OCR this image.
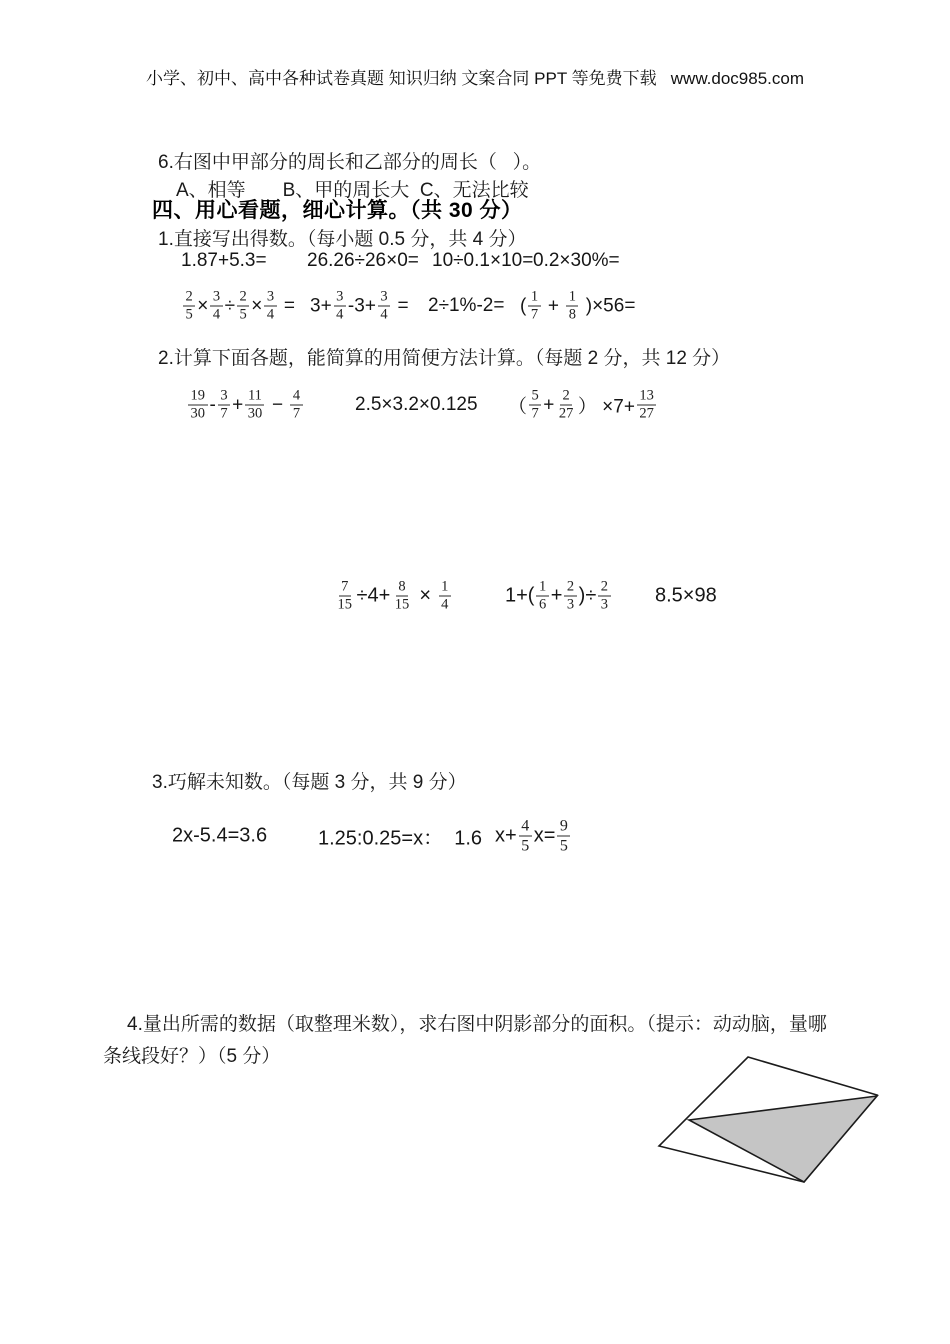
小学、初中、高中各种试卷真题 知识归纳 文案合同 PPT 等免费下载   www.doc985.com
6.右图中甲部分的周长和乙部分的周长（   ）。
A、相等       B、甲的周长大  C、无法比较
四、用心看题，细心计算。（共 30 分）
1.直接写出得数。（每小题 0.5 分，共 4 分）
1.87+5.3= 26.26÷26×0= 10÷0.1×10= 0.2×30%=
$\frac{2}{5} \times \frac{3}{4} \div \frac{2}{5} \times \frac{3}{4} = 3+ \frac{3}{4} -3+ \frac{3}{4} = 2\div 1\%-2=$ ( $\frac{1}{7} + \frac{1}{8} )\times 56=$
2.计算下面各题，能简算的用简便方法计算。（每题 2 分，共 12 分）
$\frac{19}{30} - \frac{3}{7} + \frac{11}{30} - \frac{4}{7}$	2.5×3.2×0.125 （ $\frac{5}{7} + \frac{2}{27}$ ） $\times 7+ \frac{13}{27}$
$\frac{7}{15} \div 4+ \frac{8}{15} \times \frac{1}{4}$	$1+( \frac{1}{6} + \frac{2}{3}$ )÷ $\frac{2}{3} 8.5\times 98$
3.巧解未知数。（每题 3 分，共 9 分）
2x-5.4=3.6	1.25:0.25=x：  1.6 $x+ \frac{4}{5} x= \frac{9}{5}$
4.量出所需的数据（取整理米数），求右图中阴影部分的面积。（提示：动动脑，量哪
条线段好？）（5 分）
